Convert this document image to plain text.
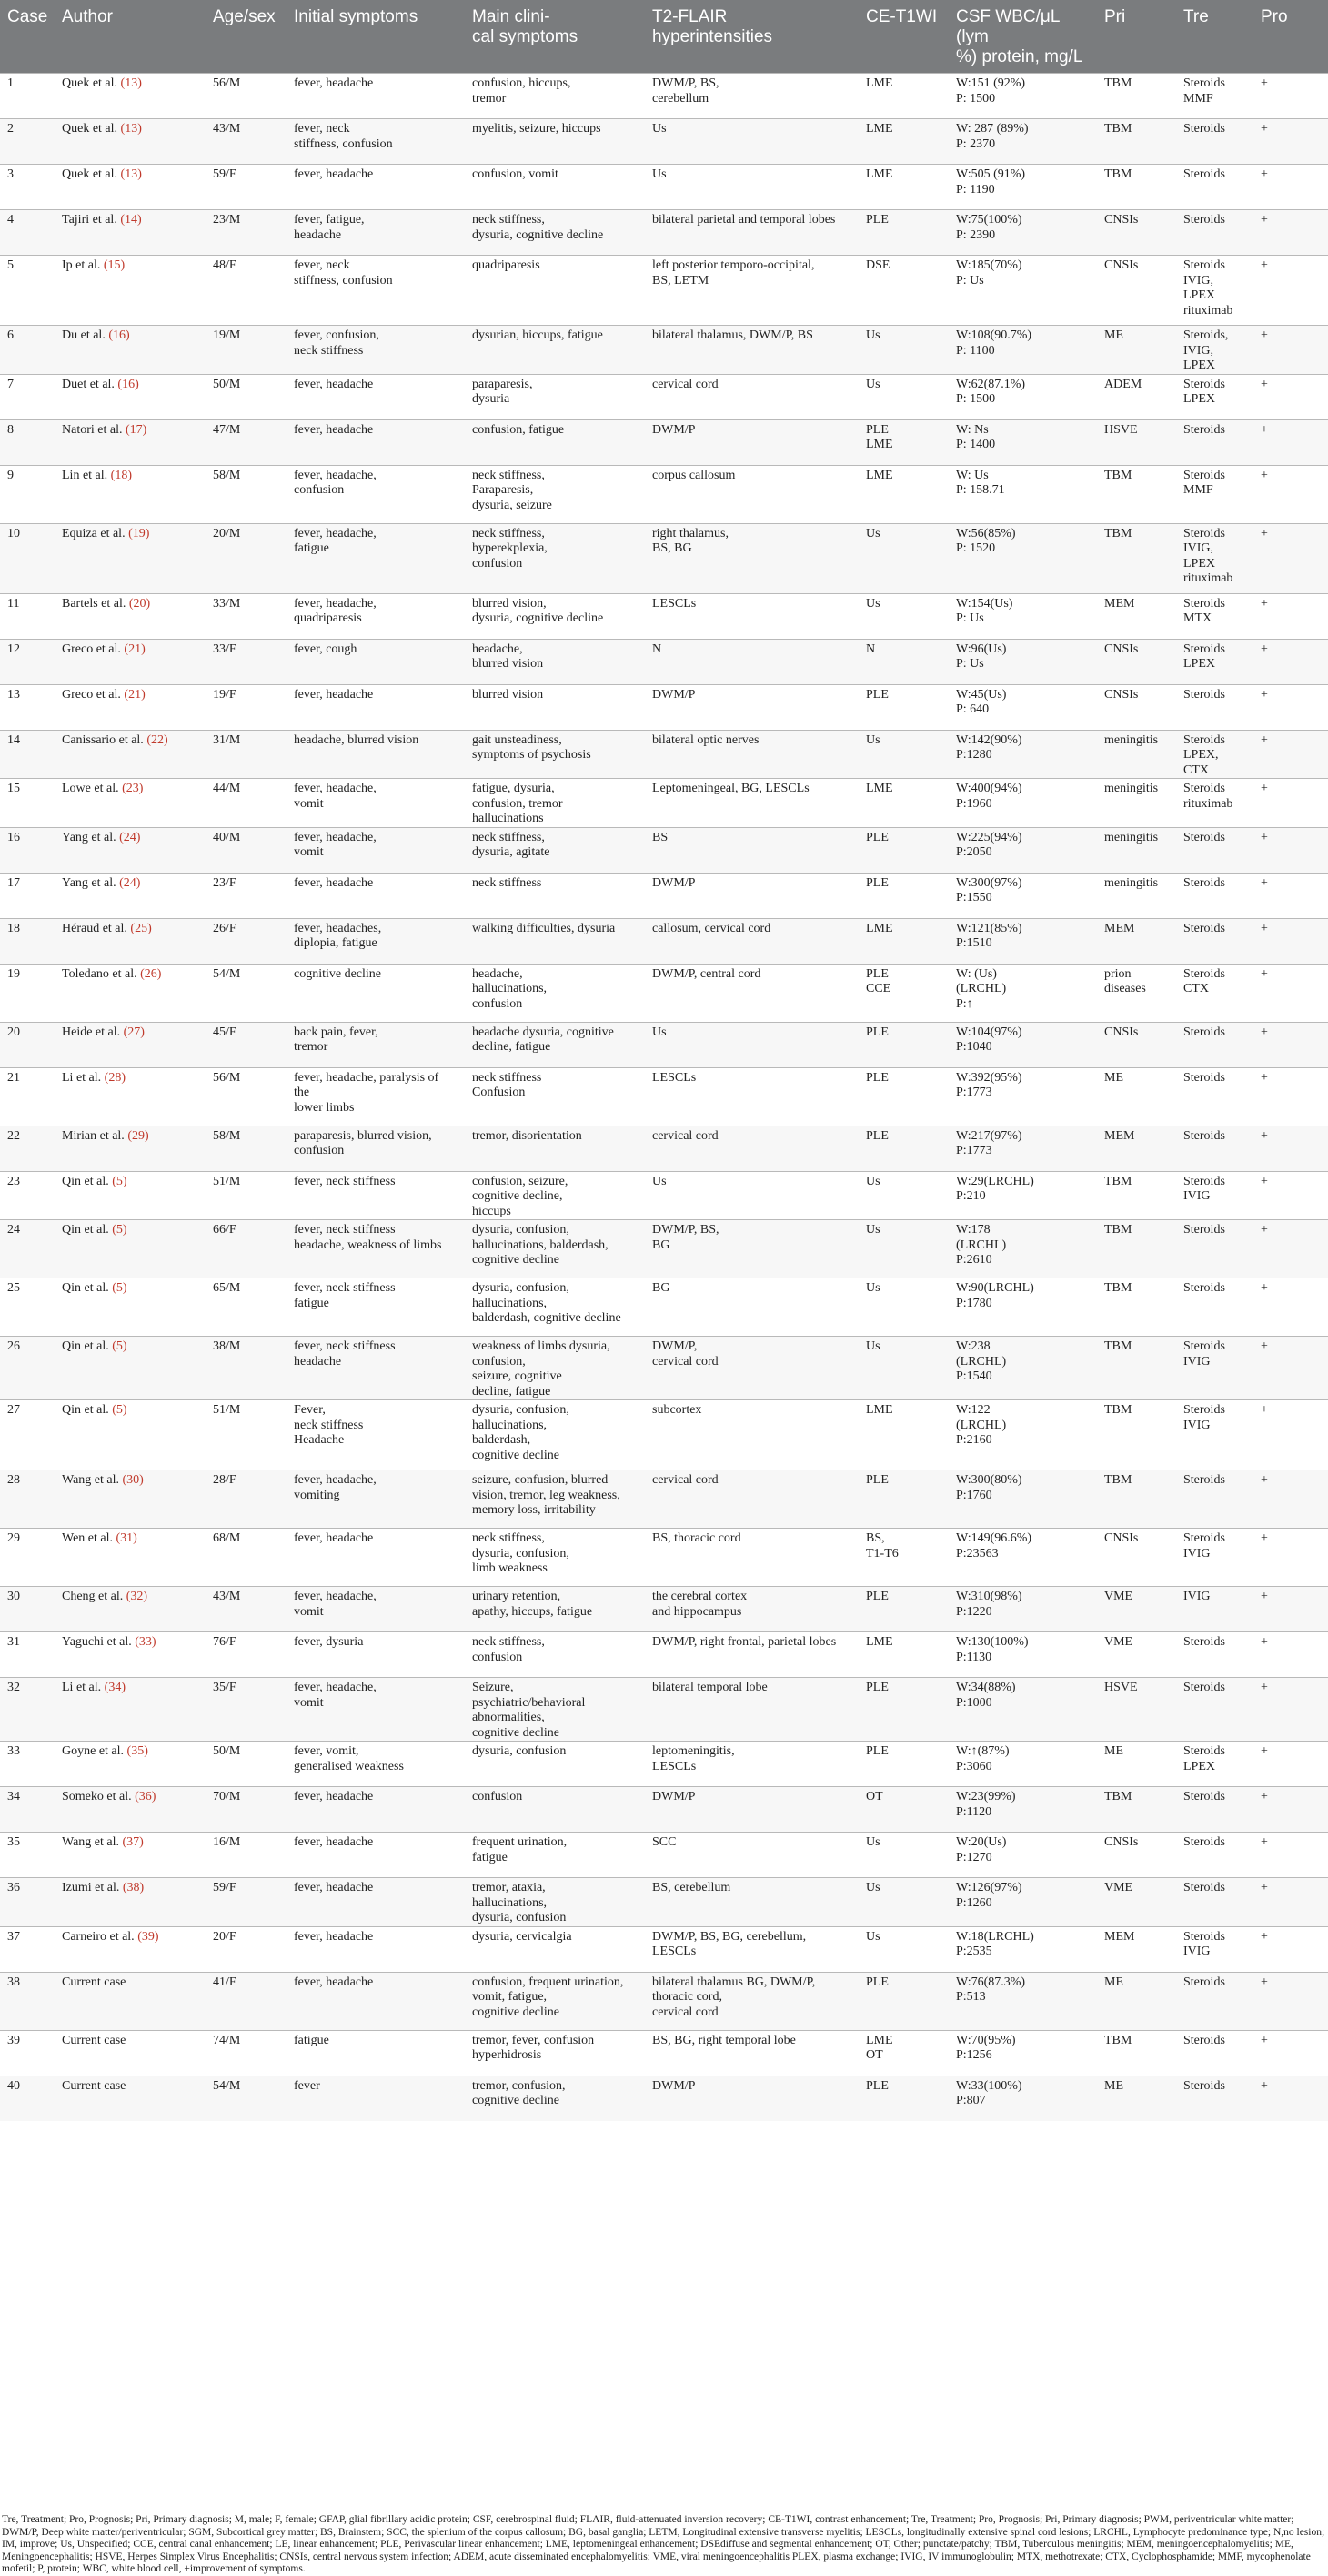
Case	Author	Age/sex	Initial symptoms	Main clini-
cal symptoms	T2-FLAIR
hyperintensities	CE-T1WI	CSF WBC/μL (lym
%) protein, mg/L	Pri	Tre	Pro

1	Quek et al. (13)	56/M	fever, headache	confusion, hiccups,
tremor	DWM/P, BS,
cerebellum	LME	W:151 (92%)
P: 1500	TBM	Steroids
MMF	+

2	Quek et al. (13)	43/M	fever, neck
stiffness, confusion	myelitis, seizure, hiccups	Us	LME	W: 287 (89%)
P: 2370	TBM	Steroids	+

3	Quek et al. (13)	59/F	fever, headache	confusion, vomit	Us	LME	W:505 (91%)
P: 1190	TBM	Steroids	+

4	Tajiri et al. (14)	23/M	fever, fatigue,
headache	neck stiffness,
dysuria, cognitive decline	bilateral parietal and temporal lobes	PLE	W:75(100%)
P: 2390	CNSIs	Steroids	+

5	Ip et al. (15)	48/F	fever, neck
stiffness, confusion	quadriparesis	left posterior temporo-occipital,
BS, LETM	DSE	W:185(70%)
P: Us	CNSIs	Steroids
IVIG,
LPEX
rituximab	+

6	Du et al. (16)	19/M	fever, confusion,
neck stiffness	dysurian, hiccups, fatigue	bilateral thalamus, DWM/P, BS	Us	W:108(90.7%)
P: 1100	ME	Steroids,
IVIG,
LPEX	+

7	Duet et al. (16)	50/M	fever, headache	paraparesis,
dysuria	cervical cord	Us	W:62(87.1%)
P: 1500	ADEM	Steroids
LPEX	+

8	Natori et al. (17)	47/M	fever, headache	confusion, fatigue	DWM/P	PLE
LME	W: Ns
P: 1400	HSVE	Steroids	+

9	Lin et al. (18)	58/M	fever, headache,
confusion	neck stiffness,
Paraparesis,
dysuria, seizure	corpus callosum	LME	W: Us
P: 158.71	TBM	Steroids
MMF	+

10	Equiza et al. (19)	20/M	fever, headache,
fatigue	neck stiffness,
hyperekplexia,
confusion	right thalamus,
BS, BG	Us	W:56(85%)
P: 1520	TBM	Steroids
IVIG,
LPEX
rituximab	+

11	Bartels et al. (20)	33/M	fever, headache,
quadriparesis	blurred vision,
dysuria, cognitive decline	LESCLs	Us	W:154(Us)
P: Us	MEM	Steroids
MTX	+

12	Greco et al. (21)	33/F	fever, cough	headache,
blurred vision	N	N	W:96(Us)
P: Us	CNSIs	Steroids
LPEX	+

13	Greco et al. (21)	19/F	fever, headache	blurred vision	DWM/P	PLE	W:45(Us)
P: 640	CNSIs	Steroids	+

14	Canissario et al. (22)	31/M	headache, blurred vision	gait unsteadiness,
symptoms of psychosis	bilateral optic nerves	Us	W:142(90%)
P:1280	meningitis	Steroids
LPEX,
CTX	+

15	Lowe et al. (23)	44/M	fever, headache,
vomit	fatigue, dysuria,
confusion, tremor
hallucinations	Leptomeningeal, BG, LESCLs	LME	W:400(94%)
P:1960	meningitis	Steroids
rituximab	+

16	Yang et al. (24)	40/M	fever, headache,
vomit	neck stiffness,
dysuria, agitate	BS	PLE	W:225(94%)
P:2050	meningitis	Steroids	+

17	Yang et al. (24)	23/F	fever, headache	neck stiffness	DWM/P	PLE	W:300(97%)
P:1550	meningitis	Steroids	+

18	Héraud et al. (25)	26/F	fever, headaches,
diplopia, fatigue	walking difficulties, dysuria	callosum, cervical cord	LME	W:121(85%)
P:1510	MEM	Steroids	+

19	Toledano et al. (26)	54/M	cognitive decline	headache,
hallucinations,
confusion	DWM/P, central cord	PLE
CCE	W: (Us)
(LRCHL)
P:↑	prion
diseases	Steroids
CTX	+

20	Heide et al. (27)	45/F	back pain, fever,
tremor	headache dysuria, cognitive
decline, fatigue	Us	PLE	W:104(97%)
P:1040	CNSIs	Steroids	+

21	Li et al. (28)	56/M	fever, headache, paralysis of
the
lower limbs	neck stiffness
Confusion	LESCLs	PLE	W:392(95%)
P:1773	ME	Steroids	+

22	Mirian et al. (29)	58/M	paraparesis, blurred vision,
confusion	tremor, disorientation	cervical cord	PLE	W:217(97%)
P:1773	MEM	Steroids	+

23	Qin et al. (5)	51/M	fever, neck stiffness	confusion, seizure,
cognitive decline,
hiccups	Us	Us	W:29(LRCHL)
P:210	TBM	Steroids
IVIG	+

24	Qin et al. (5)	66/F	fever, neck stiffness
headache, weakness of limbs	dysuria, confusion,
hallucinations, balderdash,
cognitive decline	DWM/P, BS,
BG	Us	W:178
(LRCHL)
P:2610	TBM	Steroids	+

25	Qin et al. (5)	65/M	fever, neck stiffness
fatigue	dysuria, confusion,
hallucinations,
balderdash, cognitive decline	BG	Us	W:90(LRCHL)
P:1780	TBM	Steroids	+

26	Qin et al. (5)	38/M	fever, neck stiffness
headache	weakness of limbs dysuria,
confusion,
seizure, cognitive
decline, fatigue	DWM/P,
cervical cord	Us	W:238
(LRCHL)
P:1540	TBM	Steroids
IVIG	+

27	Qin et al. (5)	51/M	Fever,
neck stiffness
Headache	dysuria, confusion,
hallucinations,
balderdash,
cognitive decline	subcortex	LME	W:122
(LRCHL)
P:2160	TBM	Steroids
IVIG	+

28	Wang et al. (30)	28/F	fever, headache,
vomiting	seizure, confusion, blurred
vision, tremor, leg weakness,
memory loss, irritability	cervical cord	PLE	W:300(80%)
P:1760	TBM	Steroids	+

29	Wen et al. (31)	68/M	fever, headache	neck stiffness,
dysuria, confusion,
limb weakness	BS, thoracic cord	BS,
T1-T6	W:149(96.6%)
P:23563	CNSIs	Steroids
IVIG	+

30	Cheng et al. (32)	43/M	fever, headache,
vomit	urinary retention,
apathy, hiccups, fatigue	the cerebral cortex
and hippocampus	PLE	W:310(98%)
P:1220	VME	IVIG	+

31	Yaguchi et al. (33)	76/F	fever, dysuria	neck stiffness,
confusion	DWM/P, right frontal, parietal lobes	LME	W:130(100%)
P:1130	VME	Steroids	+

32	Li et al. (34)	35/F	fever, headache,
vomit	Seizure,
psychiatric/behavioral
abnormalities,
cognitive decline	bilateral temporal lobe	PLE	W:34(88%)
P:1000	HSVE	Steroids	+

33	Goyne et al. (35)	50/M	fever, vomit,
generalised weakness	dysuria, confusion	leptomeningitis,
LESCLs	PLE	W:↑(87%)
P:3060	ME	Steroids
LPEX	+

34	Someko et al. (36)	70/M	fever, headache	confusion	DWM/P	OT	W:23(99%)
P:1120	TBM	Steroids	+

35	Wang et al. (37)	16/M	fever, headache	frequent urination,
fatigue	SCC	Us	W:20(Us)
P:1270	CNSIs	Steroids	+

36	Izumi et al. (38)	59/F	fever, headache	tremor, ataxia,
hallucinations,
dysuria, confusion	BS, cerebellum	Us	W:126(97%)
P:1260	VME	Steroids	+

37	Carneiro et al. (39)	20/F	fever, headache	dysuria, cervicalgia	DWM/P, BS, BG, cerebellum,
LESCLs	Us	W:18(LRCHL)
P:2535	MEM	Steroids
IVIG	+

38	Current case	41/F	fever, headache	confusion, frequent urination,
vomit, fatigue,
cognitive decline	bilateral thalamus BG, DWM/P,
thoracic cord,
cervical cord	PLE	W:76(87.3%)
P:513	ME	Steroids	+

39	Current case	74/M	fatigue	tremor, fever, confusion
hyperhidrosis	BS, BG, right temporal lobe	LME
OT	W:70(95%)
P:1256	TBM	Steroids	+

40	Current case	54/M	fever	tremor, confusion,
cognitive decline	DWM/P	PLE	W:33(100%)
P:807	ME	Steroids	+
Tre, Treatment; Pro, Prognosis; Pri, Primary diagnosis; M, male; F, female; GFAP, glial fibrillary acidic protein; CSF, cerebrospinal fluid; FLAIR, fluid-attenuated inversion recovery; CE-T1WI, contrast enhancement; Tre, Treatment; Pro, Prognosis; Pri, Primary diagnosis; PWM, periventricular white matter; DWM/P, Deep white matter/periventricular; SGM, Subcortical grey matter; BS, Brainstem; SCC, the splenium of the corpus callosum; BG, basal ganglia; LETM, Longitudinal extensive transverse myelitis; LESCLs, longitudinally extensive spinal cord lesions; LRCHL, Lymphocyte predominance type; N,no lesion; IM, improve; Us, Unspecified; CCE, central canal enhancement; LE, linear enhancement; PLE, Perivascular linear enhancement; LME, leptomeningeal enhancement; DSEdiffuse and segmental enhancement; OT, Other; punctate/patchy; TBM, Tuberculous meningitis; MEM, meningoencephalomyelitis; ME, Meningoencephalitis; HSVE, Herpes Simplex Virus Encephalitis; CNSIs, central nervous system infection; ADEM, acute disseminated encephalomyelitis; VME, viral meningoencephalitis PLEX, plasma exchange; IVIG, IV immunoglobulin; MTX, methotrexate; CTX, Cyclophosphamide; MMF, mycophenolate mofetil; P, protein; WBC, white blood cell, +improvement of symptoms.
